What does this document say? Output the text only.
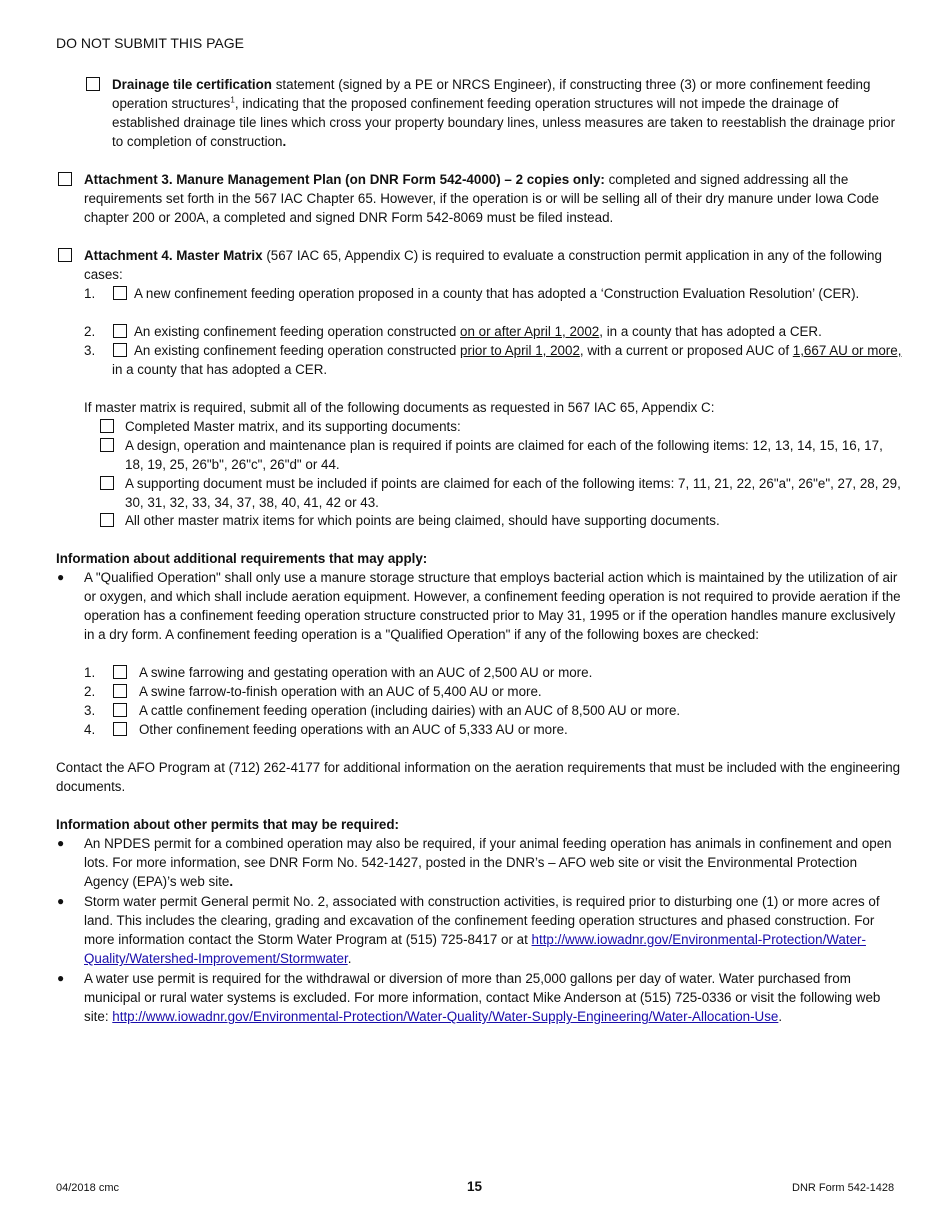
DO NOT SUBMIT THIS PAGE
Drainage tile certification statement (signed by a PE or NRCS Engineer), if constructing three (3) or more confinement feeding operation structures$^1$, indicating that the proposed confinement feeding operation structures will not impede the drainage of established drainage tile lines which cross your property boundary lines, unless measures are taken to reestablish the drainage prior to completion of construction.
Attachment 3. Manure Management Plan (on DNR Form 542-4000) – 2 copies only: completed and signed addressing all the requirements set forth in the 567 IAC Chapter 65. However, if the operation is or will be selling all of their dry manure under Iowa Code chapter 200 or 200A, a completed and signed DNR Form 542-8069 must be filed instead.
Attachment 4. Master Matrix (567 IAC 65, Appendix C) is required to evaluate a construction permit application in any of the following cases:
1.	A new confinement feeding operation proposed in a county that has adopted a ‘Construction Evaluation Resolution’ (CER).
2.	An existing confinement feeding operation constructed on or after April 1, 2002, in a county that has adopted a CER.
3.	An existing confinement feeding operation constructed prior to April 1, 2002, with a current or proposed AUC of 1,667 AU or more, in a county that has adopted a CER.
If master matrix is required, submit all of the following documents as requested in 567 IAC 65, Appendix C:
Completed Master matrix, and its supporting documents:
A design, operation and maintenance plan is required if points are claimed for each of the following items: 12, 13, 14, 15, 16, 17, 18, 19, 25, 26"b", 26"c", 26"d" or 44.
A supporting document must be included if points are claimed for each of the following items: 7, 11, 21, 22, 26"a", 26"e", 27, 28, 29, 30, 31, 32, 33, 34, 37, 38, 40, 41, 42 or 43.
All other master matrix items for which points are being claimed, should have supporting documents.
Information about additional requirements that may apply:
● A "Qualified Operation" shall only use a manure storage structure that employs bacterial action which is maintained by the utilization of air or oxygen, and which shall include aeration equipment. However, a confinement feeding operation is not required to provide aeration if the operation has a confinement feeding operation structure constructed prior to May 31, 1995 or if the operation handles manure exclusively in a dry form. A confinement feeding operation is a "Qualified Operation" if any of the following boxes are checked:
1.	A swine farrowing and gestating operation with an AUC of 2,500 AU or more.
2.	A swine farrow-to-finish operation with an AUC of 5,400 AU or more.
3.	A cattle confinement feeding operation (including dairies) with an AUC of 8,500 AU or more.
4.	Other confinement feeding operations with an AUC of 5,333 AU or more.
Contact the AFO Program at (712) 262-4177 for additional information on the aeration requirements that must be included with the engineering documents.
Information about other permits that may be required:
● An NPDES permit for a combined operation may also be required, if your animal feeding operation has animals in confinement and open lots. For more information, see DNR Form No. 542-1427, posted in the DNR’s – AFO web site or visit the Environmental Protection Agency (EPA)’s web site.
● Storm water permit General permit No. 2, associated with construction activities, is required prior to disturbing one (1) or more acres of land. This includes the clearing, grading and excavation of the confinement feeding operation structures and phased construction. For more information contact the Storm Water Program at (515) 725-8417 or at http://www.iowadnr.gov/Environmental-Protection/Water-Quality/Watershed-Improvement/Stormwater.
● A water use permit is required for the withdrawal or diversion of more than 25,000 gallons per day of water. Water purchased from municipal or rural water systems is excluded. For more information, contact Mike Anderson at (515) 725-0336 or visit the following web site: http://www.iowadnr.gov/Environmental-Protection/Water-Quality/Water-Supply-Engineering/Water-Allocation-Use.
04/2018 cmc	15	DNR Form 542-1428
